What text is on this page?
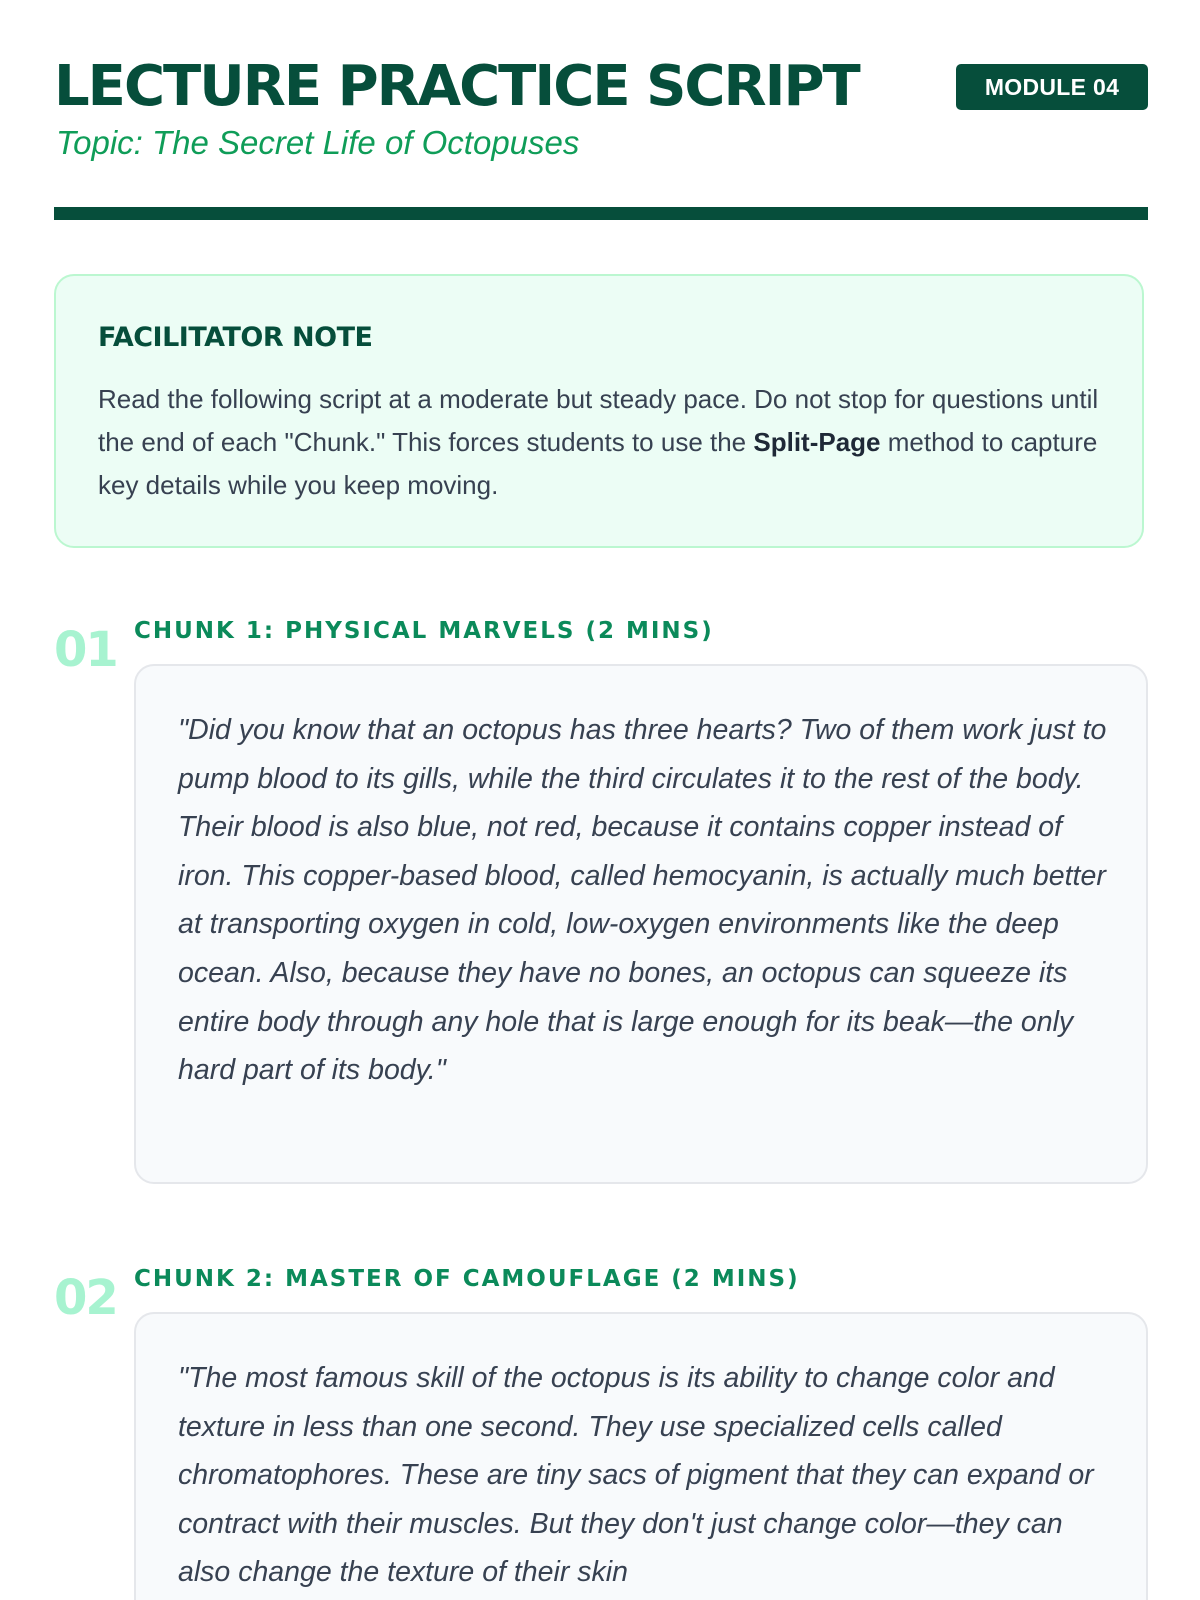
LECTURE PRACTICE SCRIPT
Topic: The Secret Life of Octopuses
MODULE 04
FACILITATOR NOTE

Read the following script at a moderate but steady pace. Do not stop for questions until the end of each "Chunk." This forces students to use the Split-Page method to capture key details while you keep moving.

01 CHUNK 1: PHYSICAL MARVELS (2 MINS)

"Did you know that an octopus has three hearts? Two of them work just to pump blood to its gills, while the third circulates it to the rest of the body. Their blood is also blue, not red, because it contains copper instead of iron. This copper-based blood, called hemocyanin, is actually much better at transporting oxygen in cold, low-oxygen environments like the deep ocean. Also, because they have no bones, an octopus can squeeze its entire body through any hole that is large enough for its beak—the only hard part of its body."

02 CHUNK 2: MASTER OF CAMOUFLAGE (2 MINS)

"The most famous skill of the octopus is its ability to change color and texture in less than one second. They use specialized cells called chromatophores. These are tiny sacs of pigment that they can expand or contract with their muscles. But they don't just change color—they can also change the texture of their skin
